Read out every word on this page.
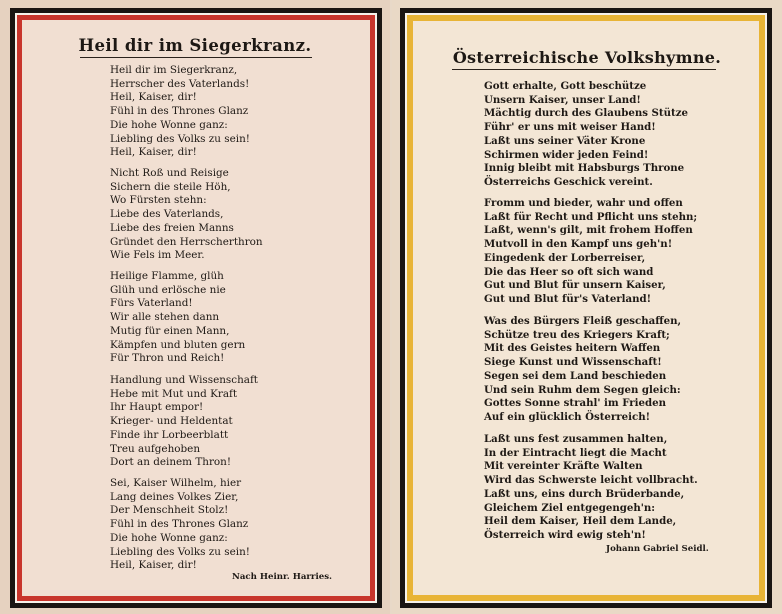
Heil dir im Siegerkranz.
Heil dir im Siegerkranz,
Herrscher des Vaterlands!
Heil, Kaiser, dir!
Fühl in des Thrones Glanz
Die hohe Wonne ganz:
Liebling des Volks zu sein!
Heil, Kaiser, dir!
Nicht Roß und Reisige
Sichern die steile Höh,
Wo Fürsten stehn:
Liebe des Vaterlands,
Liebe des freien Manns
Gründet den Herrscherthron
Wie Fels im Meer.
Heilige Flamme, glüh
Glüh und erlösche nie
Fürs Vaterland!
Wir alle stehen dann
Mutig für einen Mann,
Kämpfen und bluten gern
Für Thron und Reich!
Handlung und Wissenschaft
Hebe mit Mut und Kraft
Ihr Haupt empor!
Krieger- und Heldentat
Finde ihr Lorbeerblatt
Treu aufgehoben
Dort an deinem Thron!
Sei, Kaiser Wilhelm, hier
Lang deines Volkes Zier,
Der Menschheit Stolz!
Fühl in des Thrones Glanz
Die hohe Wonne ganz:
Liebling des Volks zu sein!
Heil, Kaiser, dir!
Nach Heinr. Harries.
Österreichische Volkshymne.
Gott erhalte, Gott beschütze
Unsern Kaiser, unser Land!
Mächtig durch des Glaubens Stütze
Führ' er uns mit weiser Hand!
Laßt uns seiner Väter Krone
Schirmen wider jeden Feind!
Innig bleibt mit Habsburgs Throne
Österreichs Geschick vereint.
Fromm und bieder, wahr und offen
Laßt für Recht und Pflicht uns stehn;
Laßt, wenn's gilt, mit frohem Hoffen
Mutvoll in den Kampf uns geh'n!
Eingedenk der Lorberreiser,
Die das Heer so oft sich wand
Gut und Blut für unsern Kaiser,
Gut und Blut für's Vaterland!
Was des Bürgers Fleiß geschaffen,
Schütze treu des Kriegers Kraft;
Mit des Geistes heitern Waffen
Siege Kunst und Wissenschaft!
Segen sei dem Land beschieden
Und sein Ruhm dem Segen gleich:
Gottes Sonne strahl' im Frieden
Auf ein glücklich Österreich!
Laßt uns fest zusammen halten,
In der Eintracht liegt die Macht
Mit vereinter Kräfte Walten
Wird das Schwerste leicht vollbracht.
Laßt uns, eins durch Brüderbande,
Gleichem Ziel entgegengeh'n:
Heil dem Kaiser, Heil dem Lande,
Österreich wird ewig steh'n!
Johann Gabriel Seidl.
